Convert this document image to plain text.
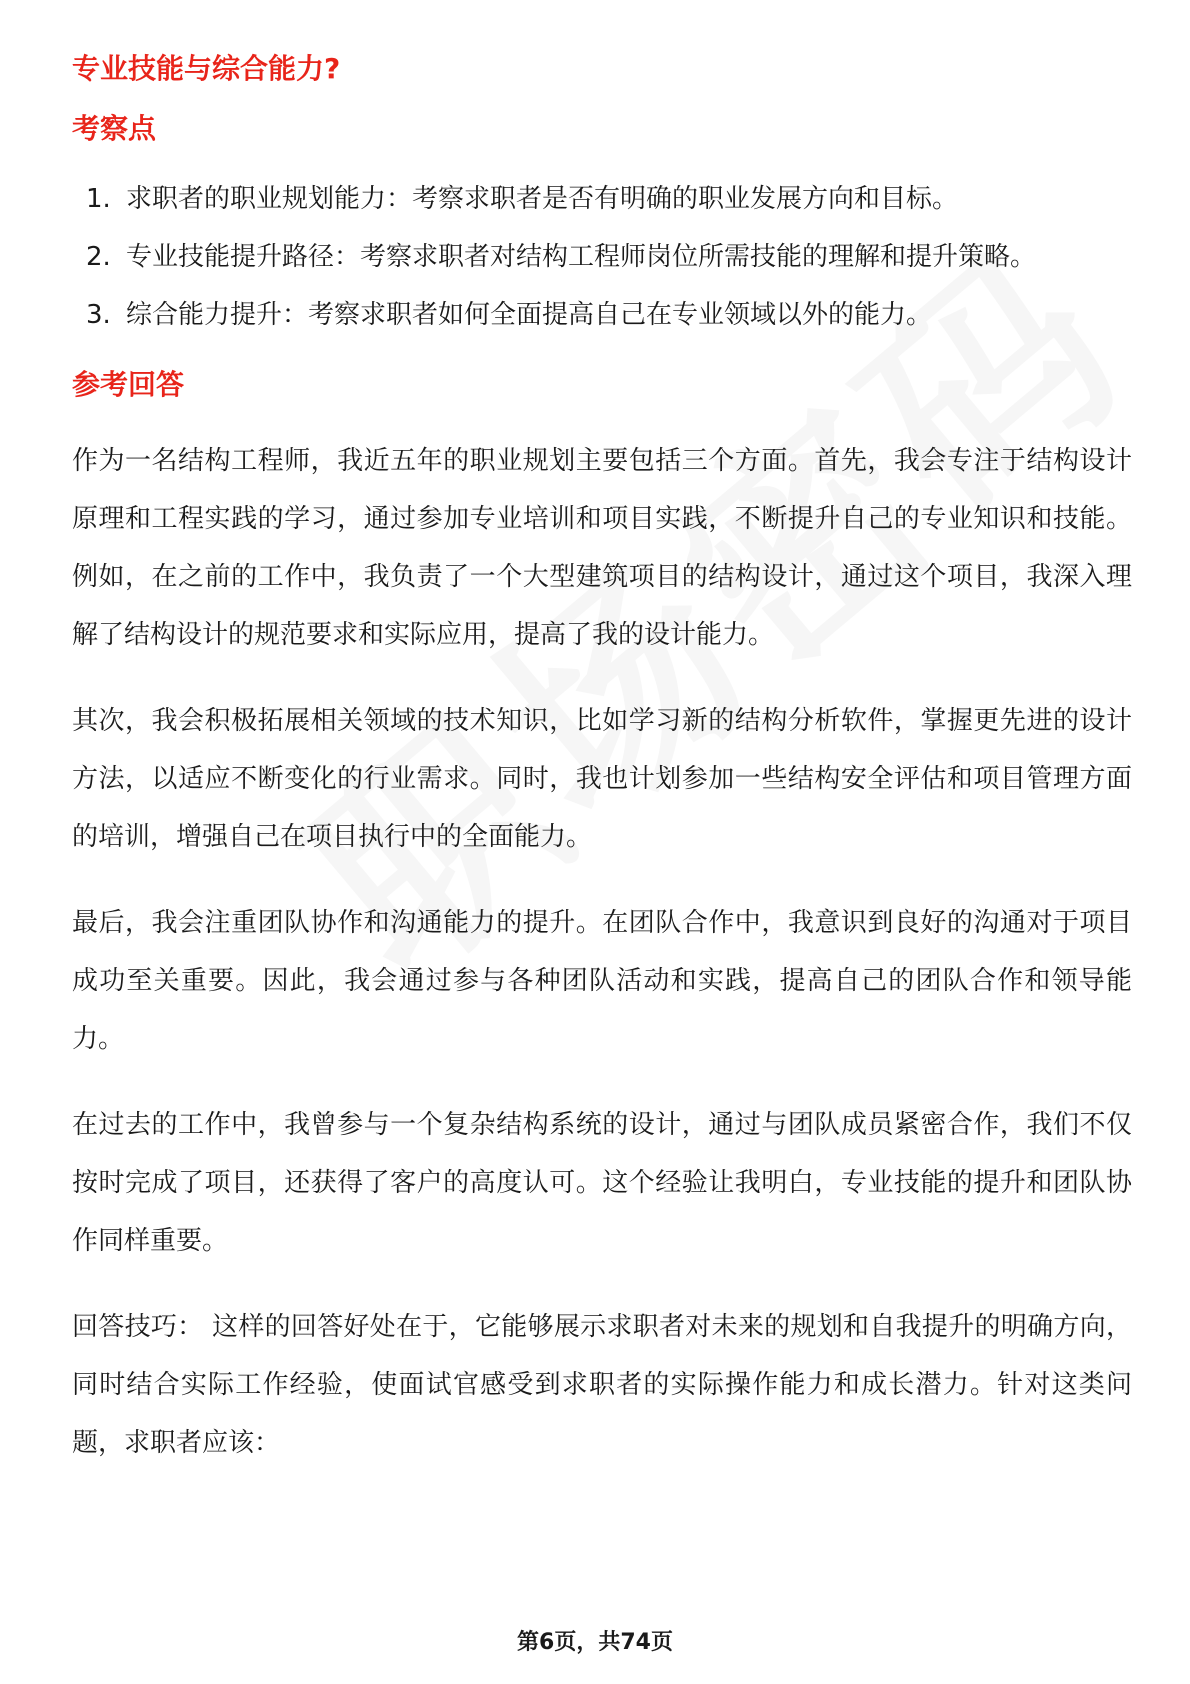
专业技能与综合能力?
考察点
1. 求职者的职业规划能力：考察求职者是否有明确的职业发展方向和目标。
2. 专业技能提升路径：考察求职者对结构工程师岗位所需技能的理解和提升策略。
3. 综合能力提升：考察求职者如何全面提高自己在专业领域以外的能力。
参考回答

作为一名结构工程师，我近五年的职业规划主要包括三个方面。首先，我会专注于结构设计原理和工程实践的学习，通过参加专业培训和项目实践，不断提升自己的专业知识和技能。例如，在之前的工作中，我负责了一个大型建筑项目的结构设计，通过这个项目，我深入理解了结构设计的规范要求和实际应用，提高了我的设计能力。

其次，我会积极拓展相关领域的技术知识，比如学习新的结构分析软件，掌握更先进的设计方法，以适应不断变化的行业需求。同时，我也计划参加一些结构安全评估和项目管理方面的培训，增强自己在项目执行中的全面能力。

最后，我会注重团队协作和沟通能力的提升。在团队合作中，我意识到良好的沟通对于项目成功至关重要。因此，我会通过参与各种团队活动和实践，提高自己的团队合作和领导能力。

在过去的工作中，我曾参与一个复杂结构系统的设计，通过与团队成员紧密合作，我们不仅按时完成了项目，还获得了客户的高度认可。这个经验让我明白，专业技能的提升和团队协作同样重要。

回答技巧： 这样的回答好处在于，它能够展示求职者对未来的规划和自我提升的明确方向，同时结合实际工作经验，使面试官感受到求职者的实际操作能力和成长潜力。针对这类问题，求职者应该：

第6页，共74页
